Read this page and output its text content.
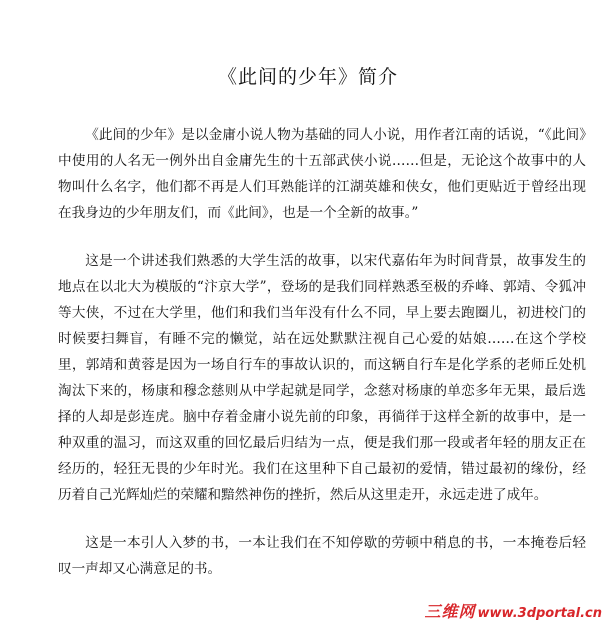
《此间的少年》简介

《此间的少年》是以金庸小说人物为基础的同人小说，用作者江南的话说，“《此间》中使用的人名无一例外出自金庸先生的十五部武侠小说……但是，无论这个故事中的人物叫什么名字，他们都不再是人们耳熟能详的江湖英雄和侠女，他们更贴近于曾经出现在我身边的少年朋友们，而《此间》，也是一个全新的故事。”

这是一个讲述我们熟悉的大学生活的故事，以宋代嘉佑年为时间背景，故事发生的地点在以北大为模版的“汴京大学”，登场的是我们同样熟悉至极的乔峰、郭靖、令狐冲等大侠，不过在大学里，他们和我们当年没有什么不同，早上要去跑圈儿，初进校门的时候要扫舞盲，有睡不完的懒觉，站在远处默默注视自己心爱的姑娘……在这个学校里，郭靖和黄蓉是因为一场自行车的事故认识的，而这辆自行车是化学系的老师丘处机淘汰下来的，杨康和穆念慈则从中学起就是同学，念慈对杨康的单恋多年无果，最后选择的人却是彭连虎。脑中存着金庸小说先前的印象，再徜徉于这样全新的故事中，是一种双重的温习，而这双重的回忆最后归结为一点，便是我们那一段或者年轻的朋友正在经历的，轻狂无畏的少年时光。我们在这里种下自己最初的爱情，错过最初的缘份，经历着自己光辉灿烂的荣耀和黯然神伤的挫折，然后从这里走开，永远走进了成年。

这是一本引人入梦的书，一本让我们在不知停歇的劳顿中稍息的书，一本掩卷后轻叹一声却又心满意足的书。

三维网 www.3dportal.cn
